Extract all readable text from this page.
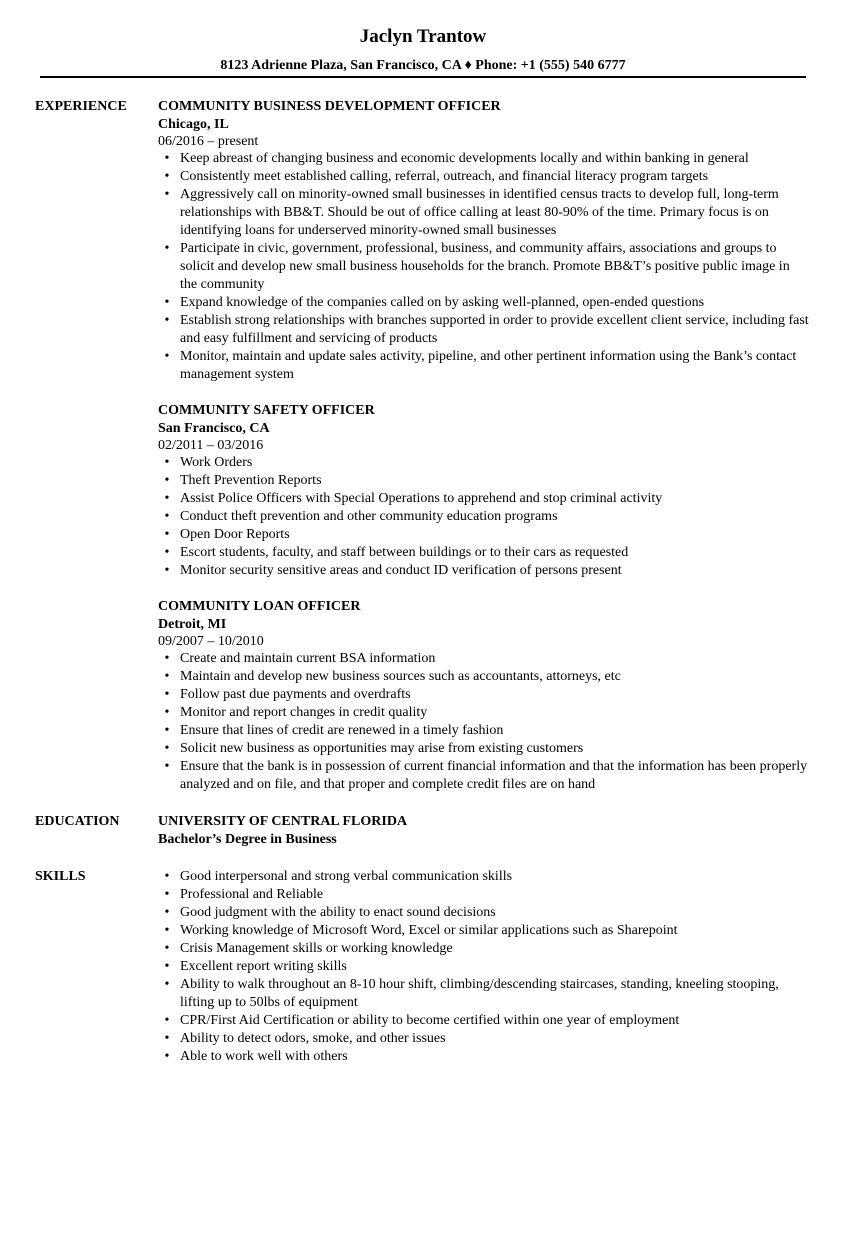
Jaclyn Trantow
8123 Adrienne Plaza, San Francisco, CA ♦ Phone: +1 (555) 540 6777
EXPERIENCE	COMMUNITY BUSINESS DEVELOPMENT OFFICER
Chicago, IL
06/2016 – present
• Keep abreast of changing business and economic developments locally and within banking in general
• Consistently meet established calling, referral, outreach, and financial literacy program targets
• Aggressively call on minority-owned small businesses in identified census tracts to develop full, long-term relationships with BB&T. Should be out of office calling at least 80-90% of the time. Primary focus is on identifying loans for underserved minority-owned small businesses
• Participate in civic, government, professional, business, and community affairs, associations and groups to solicit and develop new small business households for the branch. Promote BB&T’s positive public image in the community
• Expand knowledge of the companies called on by asking well-planned, open-ended questions
• Establish strong relationships with branches supported in order to provide excellent client service, including fast and easy fulfillment and servicing of products
• Monitor, maintain and update sales activity, pipeline, and other pertinent information using the Bank’s contact management system
COMMUNITY SAFETY OFFICER
San Francisco, CA
02/2011 – 03/2016
• Work Orders
• Theft Prevention Reports
• Assist Police Officers with Special Operations to apprehend and stop criminal activity
• Conduct theft prevention and other community education programs
• Open Door Reports
• Escort students, faculty, and staff between buildings or to their cars as requested
• Monitor security sensitive areas and conduct ID verification of persons present
COMMUNITY LOAN OFFICER
Detroit, MI
09/2007 – 10/2010
• Create and maintain current BSA information
• Maintain and develop new business sources such as accountants, attorneys, etc
• Follow past due payments and overdrafts
• Monitor and report changes in credit quality
• Ensure that lines of credit are renewed in a timely fashion
• Solicit new business as opportunities may arise from existing customers
• Ensure that the bank is in possession of current financial information and that the information has been properly analyzed and on file, and that proper and complete credit files are on hand
EDUCATION	UNIVERSITY OF CENTRAL FLORIDA
Bachelor’s Degree in Business
SKILLS	• Good interpersonal and strong verbal communication skills
• Professional and Reliable
• Good judgment with the ability to enact sound decisions
• Working knowledge of Microsoft Word, Excel or similar applications such as Sharepoint
• Crisis Management skills or working knowledge
• Excellent report writing skills
• Ability to walk throughout an 8-10 hour shift, climbing/descending staircases, standing, kneeling stooping, lifting up to 50lbs of equipment
• CPR/First Aid Certification or ability to become certified within one year of employment
• Ability to detect odors, smoke, and other issues
• Able to work well with others
